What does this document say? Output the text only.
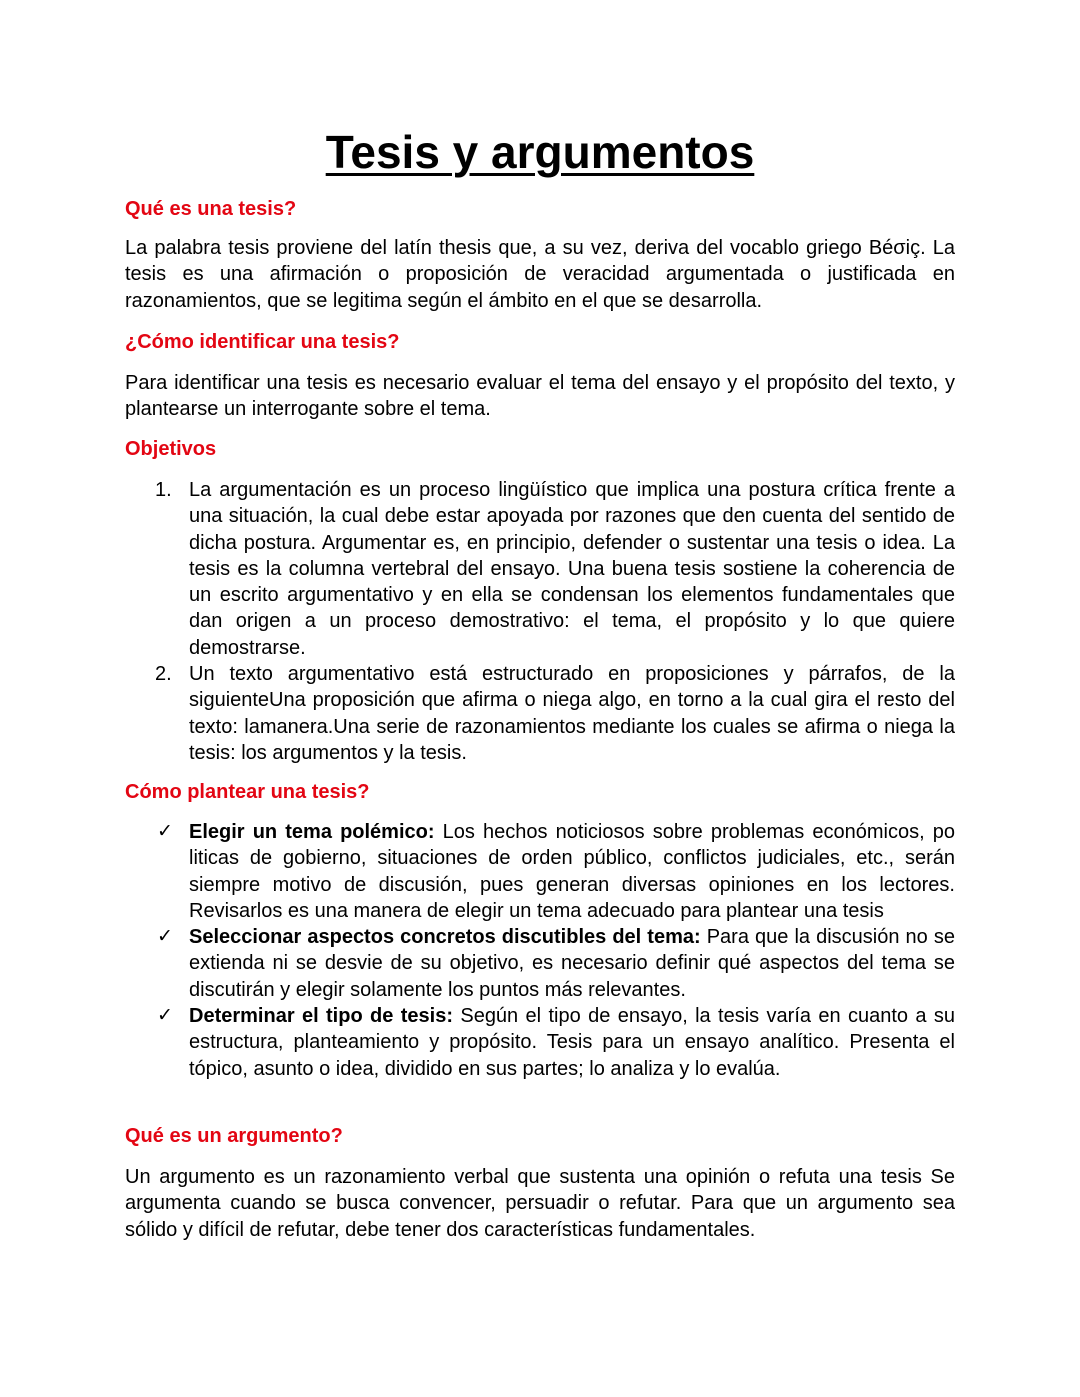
Tesis y argumentos
Qué es una tesis?

La palabra tesis proviene del latín thesis que, a su vez, deriva del vocablo griego Béσiç. La tesis es una afirmación o proposición de veracidad argumentada o justificada en razonamientos, que se legitima según el ámbito en el que se desarrolla.

¿Cómo identificar una tesis?

Para identificar una tesis es necesario evaluar el tema del ensayo y el propósito del texto, y plantearse un interrogante sobre el tema.

Objetivos
1. La argumentación es un proceso lingüístico que implica una postura crítica frente a una situación, la cual debe estar apoyada por razones que den cuenta del sentido de dicha postura. Argumentar es, en principio, defender o sustentar una tesis o idea. La tesis es la columna vertebral del ensayo. Una buena tesis sostiene la coherencia de un escrito argumentativo y en ella se condensan los elementos fundamentales que dan origen a un proceso demostrativo: el tema, el propósito y lo que quiere demostrarse.
2. Un texto argumentativo está estructurado en proposiciones y párrafos, de la siguienteUna proposición que afirma o niega algo, en torno a la cual gira el resto del texto: lamanera.Una serie de razonamientos mediante los cuales se afirma o niega la tesis: los argumentos y la tesis.
Cómo plantear una tesis?
✓ Elegir un tema polémico: Los hechos noticiosos sobre problemas económicos, po liticas de gobierno, situaciones de orden público, conflictos judiciales, etc., serán siempre motivo de discusión, pues generan diversas opiniones en los lectores. Revisarlos es una manera de elegir un tema adecuado para plantear una tesis
✓ Seleccionar aspectos concretos discutibles del tema: Para que la discusión no se extienda ni se desvie de su objetivo, es necesario definir qué aspectos del tema se discutirán y elegir solamente los puntos más relevantes.
✓ Determinar el tipo de tesis: Según el tipo de ensayo, la tesis varía en cuanto a su estructura, planteamiento y propósito. Tesis para un ensayo analítico. Presenta el tópico, asunto o idea, dividido en sus partes; lo analiza y lo evalúa.
Qué es un argumento?

Un argumento es un razonamiento verbal que sustenta una opinión o refuta una tesis Se argumenta cuando se busca convencer, persuadir o refutar. Para que un argumento sea sólido y difícil de refutar, debe tener dos características fundamentales.
